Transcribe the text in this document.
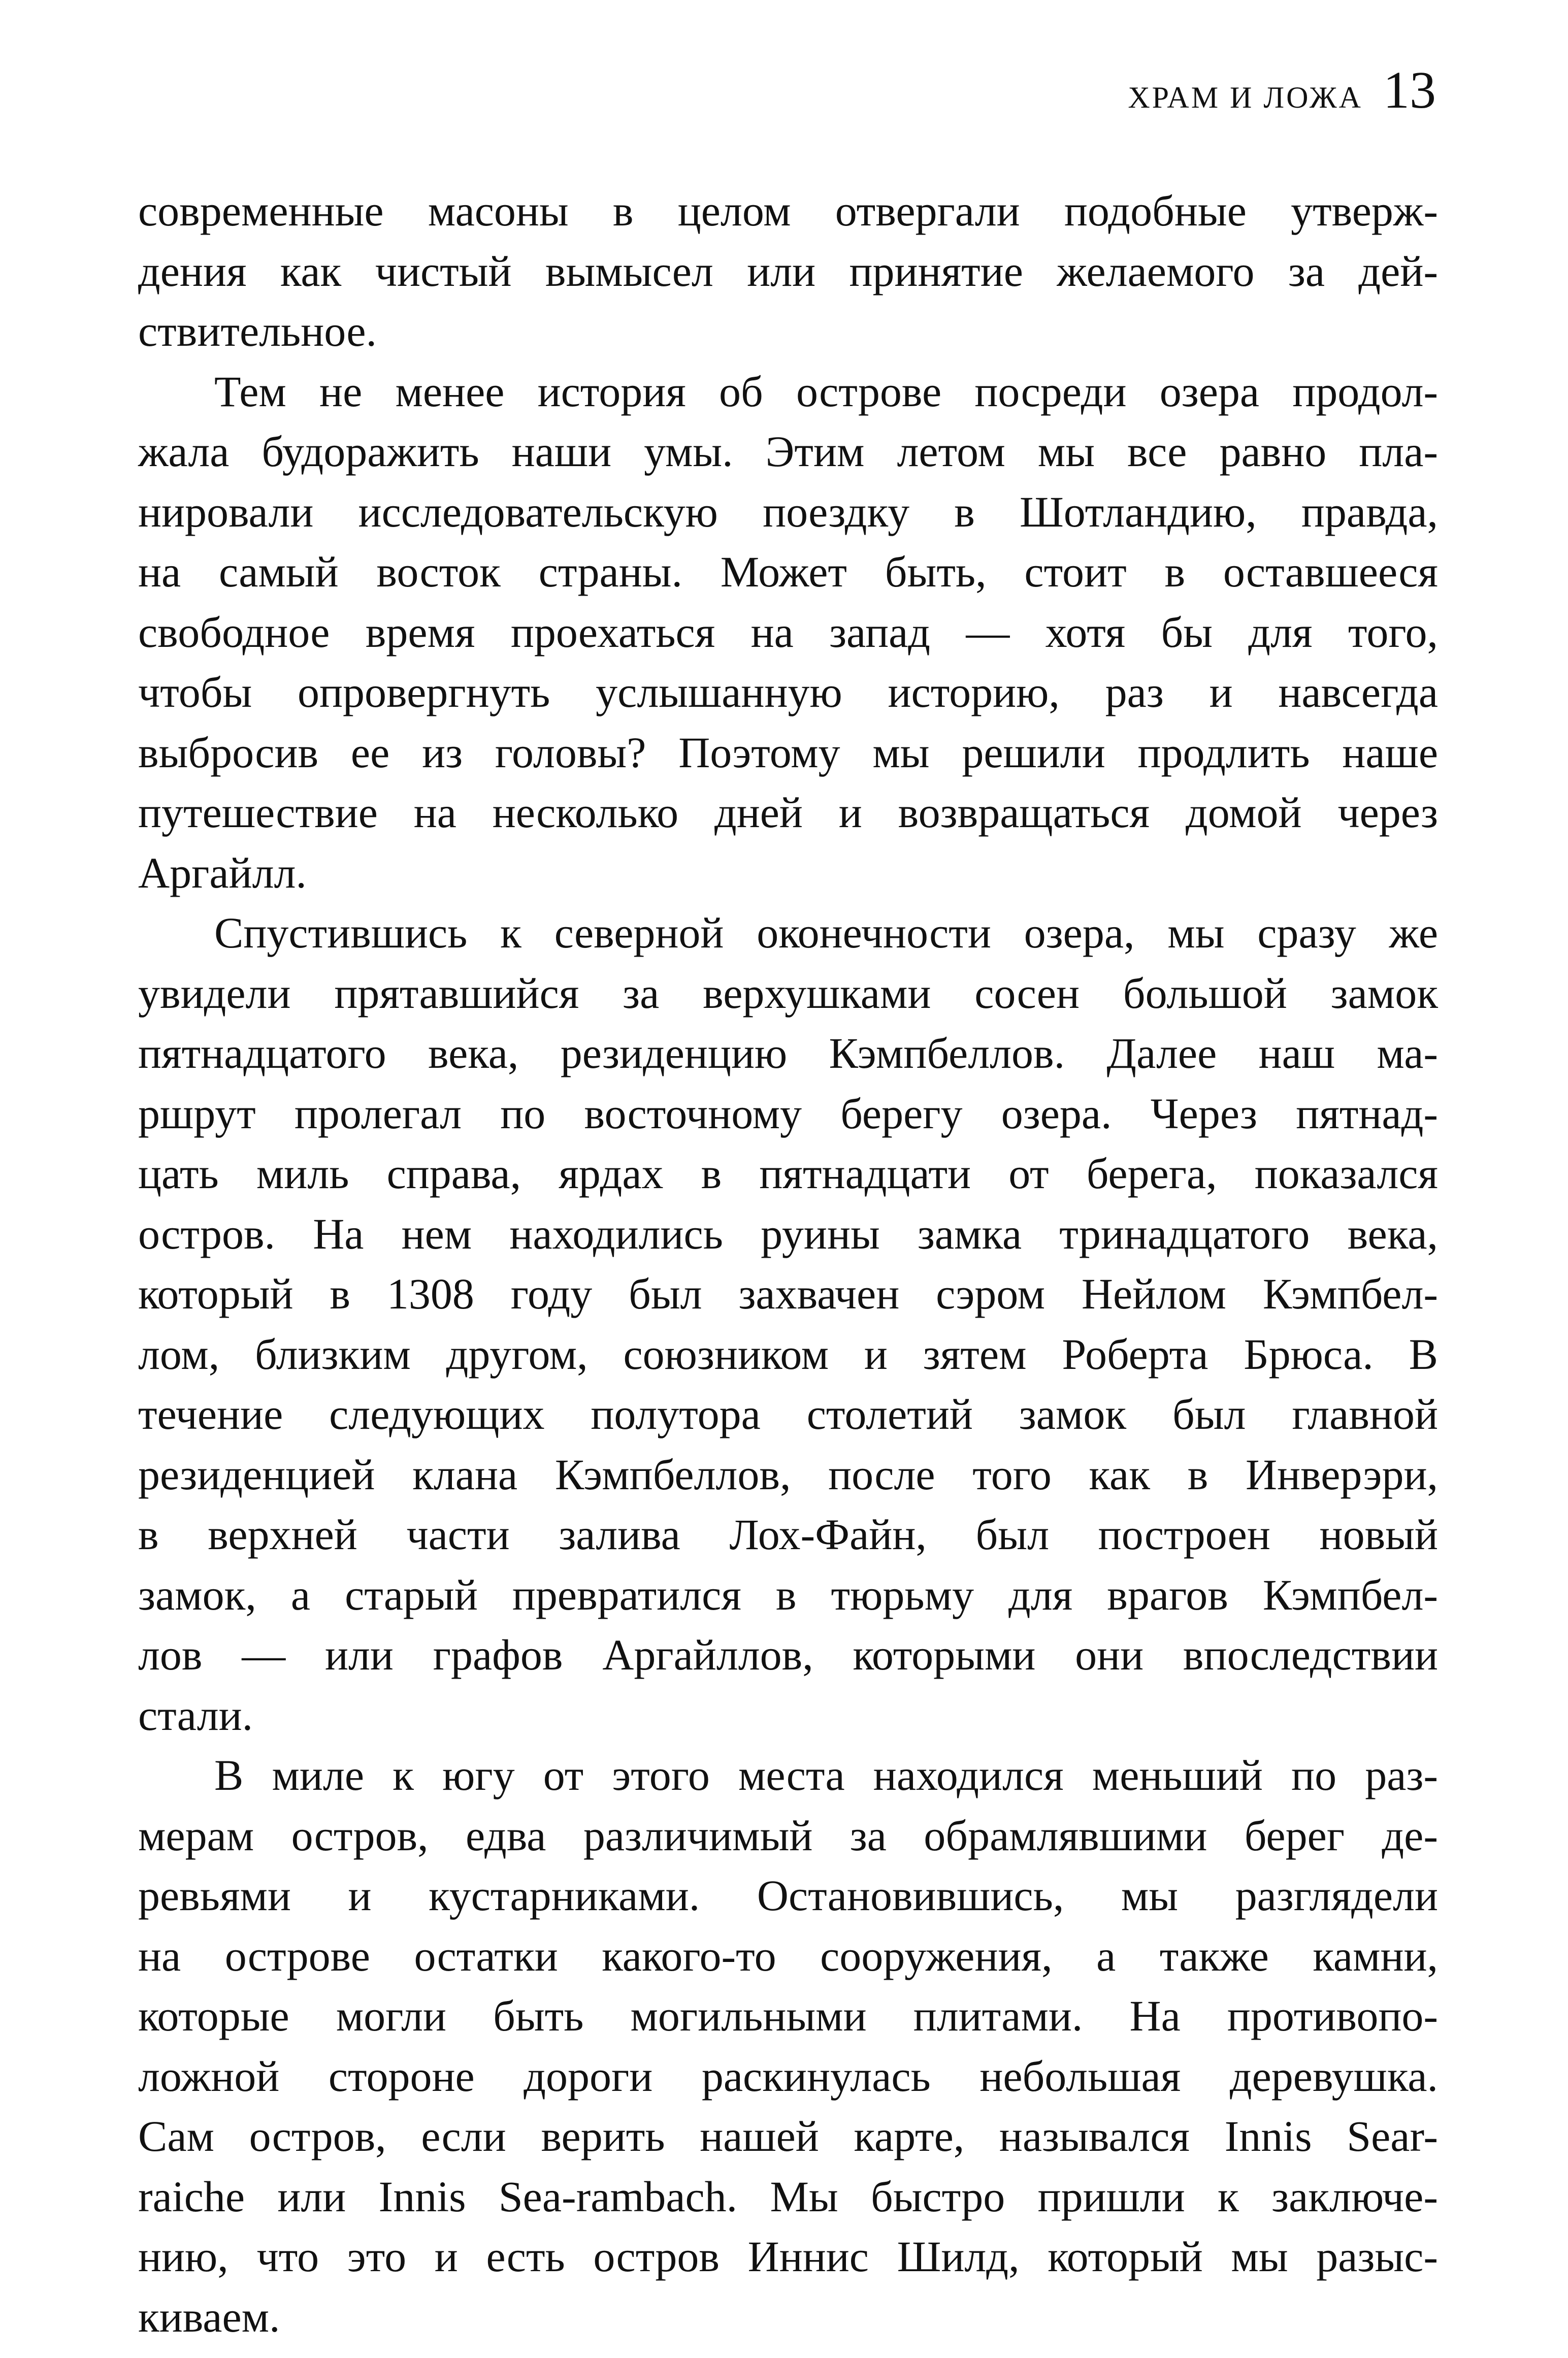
ХРАМ И ЛОЖА 13
современные масоны в целом отвергали подобные утверж-
дения как чистый вымысел или принятие желаемого за дей-
ствительное.
Тем не менее история об острове посреди озера продол-
жала будоражить наши умы. Этим летом мы все равно пла-
нировали исследовательскую поездку в Шотландию, правда,
на самый восток страны. Может быть, стоит в оставшееся
свободное время проехаться на запад — хотя бы для того,
чтобы опровергнуть услышанную историю, раз и навсегда
выбросив ее из головы? Поэтому мы решили продлить наше
путешествие на несколько дней и возвращаться домой через
Аргайлл.
Спустившись к северной оконечности озера, мы сразу же
увидели прятавшийся за верхушками сосен большой замок
пятнадцатого века, резиденцию Кэмпбеллов. Далее наш ма-
ршрут пролегал по восточному берегу озера. Через пятнад-
цать миль справа, ярдах в пятнадцати от берега, показался
остров. На нем находились руины замка тринадцатого века,
который в 1308 году был захвачен сэром Нейлом Кэмпбел-
лом, близким другом, союзником и зятем Роберта Брюса. В
течение следующих полутора столетий замок был главной
резиденцией клана Кэмпбеллов, после того как в Инверэри,
в верхней части залива Лох-Файн, был построен новый
замок, а старый превратился в тюрьму для врагов Кэмпбел-
лов — или графов Аргайллов, которыми они впоследствии
стали.
В миле к югу от этого места находился меньший по раз-
мерам остров, едва различимый за обрамлявшими берег де-
ревьями и кустарниками. Остановившись, мы разглядели
на острове остатки какого-то сооружения, а также камни,
которые могли быть могильными плитами. На противопо-
ложной стороне дороги раскинулась небольшая деревушка.
Сам остров, если верить нашей карте, назывался Innis Sear-
raiche или Innis Sea-rambach. Мы быстро пришли к заключе-
нию, что это и есть остров Иннис Шилд, который мы разыс-
киваем.
